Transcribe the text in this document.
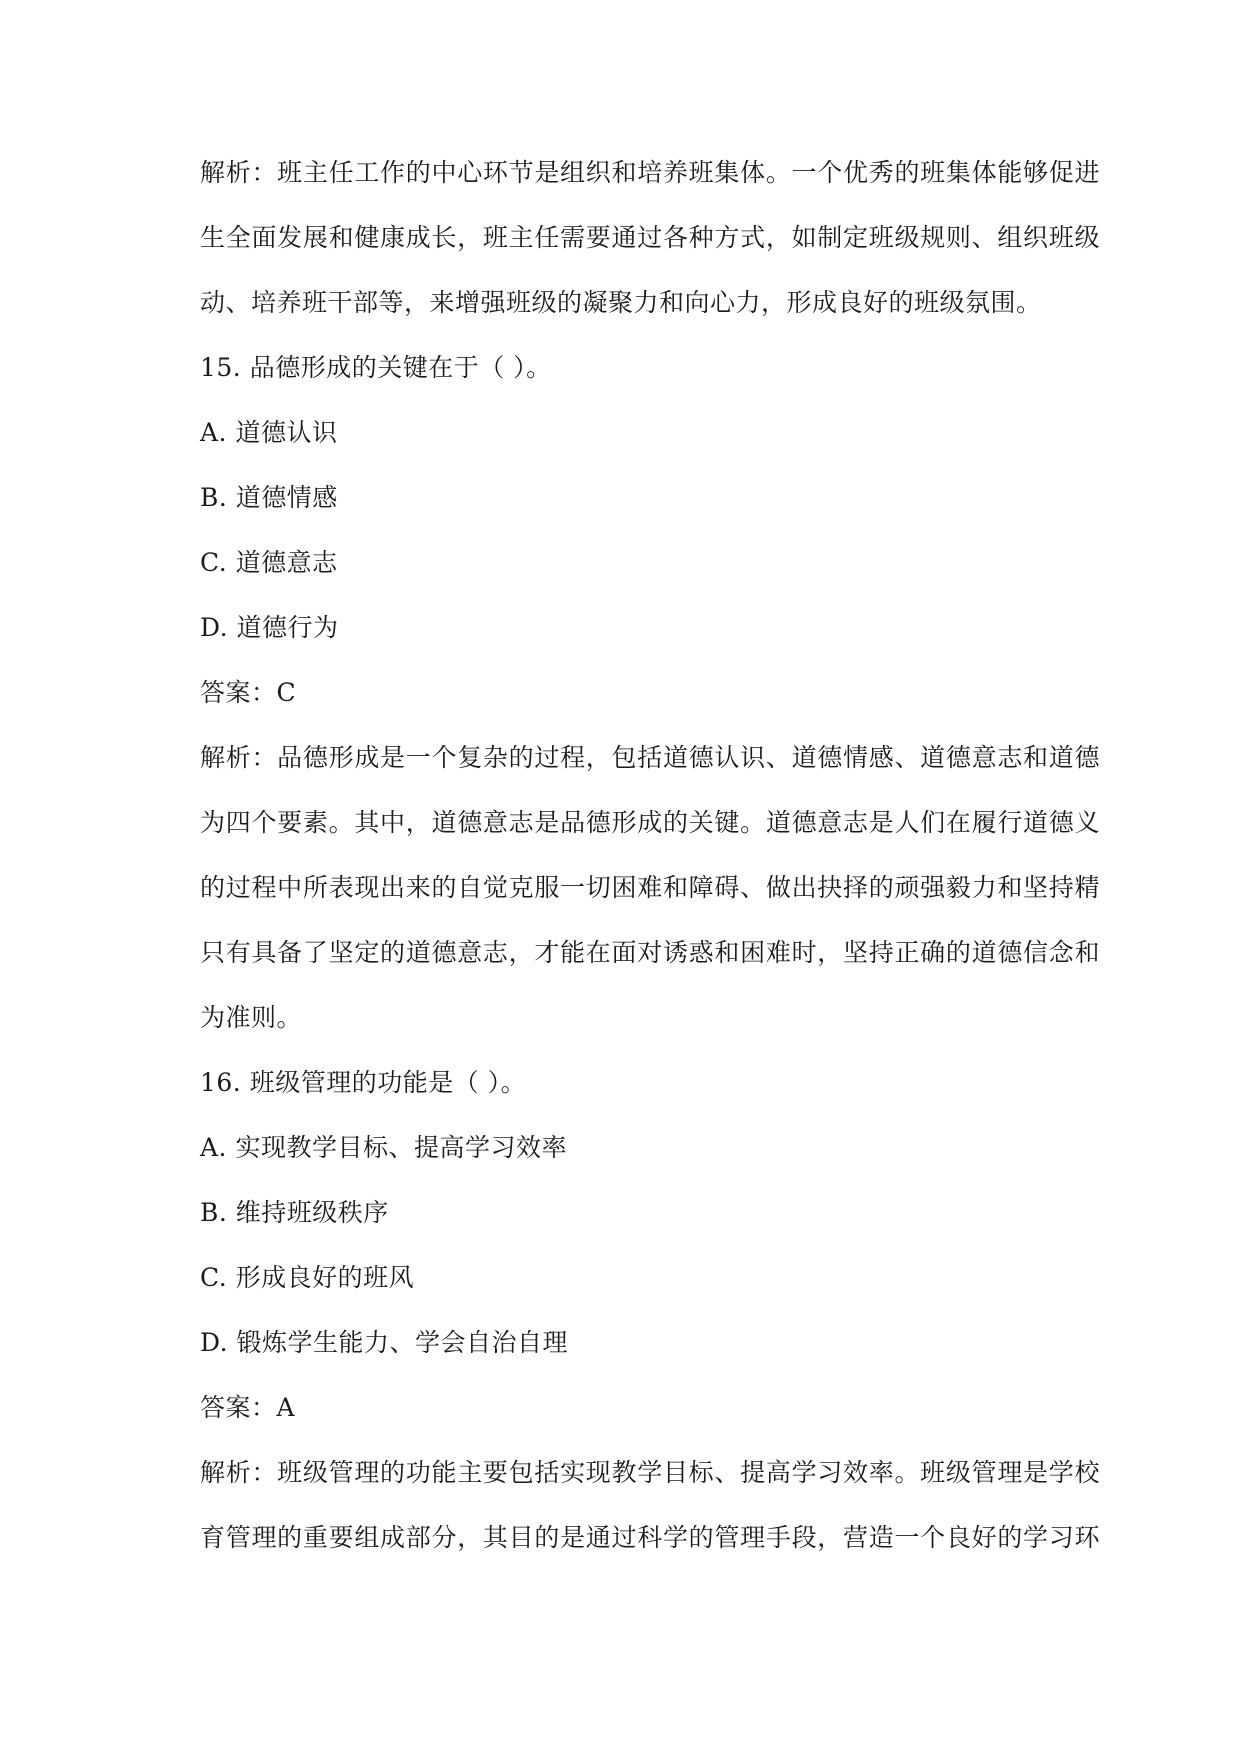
解析：班主任工作的中心环节是组织和培养班集体。一个优秀的班集体能够促进
生全面发展和健康成长，班主任需要通过各种方式，如制定班级规则、组织班级
动、培养班干部等，来增强班级的凝聚力和向心力，形成良好的班级氛围。
15. 品德形成的关键在于（ ）。
A. 道德认识
B. 道德情感
C. 道德意志
D. 道德行为
答案：C
解析：品德形成是一个复杂的过程，包括道德认识、道德情感、道德意志和道德
为四个要素。其中，道德意志是品德形成的关键。道德意志是人们在履行道德义
的过程中所表现出来的自觉克服一切困难和障碍、做出抉择的顽强毅力和坚持精
只有具备了坚定的道德意志，才能在面对诱惑和困难时，坚持正确的道德信念和
为准则。
16. 班级管理的功能是（ ）。
A. 实现教学目标、提高学习效率
B. 维持班级秩序
C. 形成良好的班风
D. 锻炼学生能力、学会自治自理
答案：A
解析：班级管理的功能主要包括实现教学目标、提高学习效率。班级管理是学校
育管理的重要组成部分，其目的是通过科学的管理手段，营造一个良好的学习环
